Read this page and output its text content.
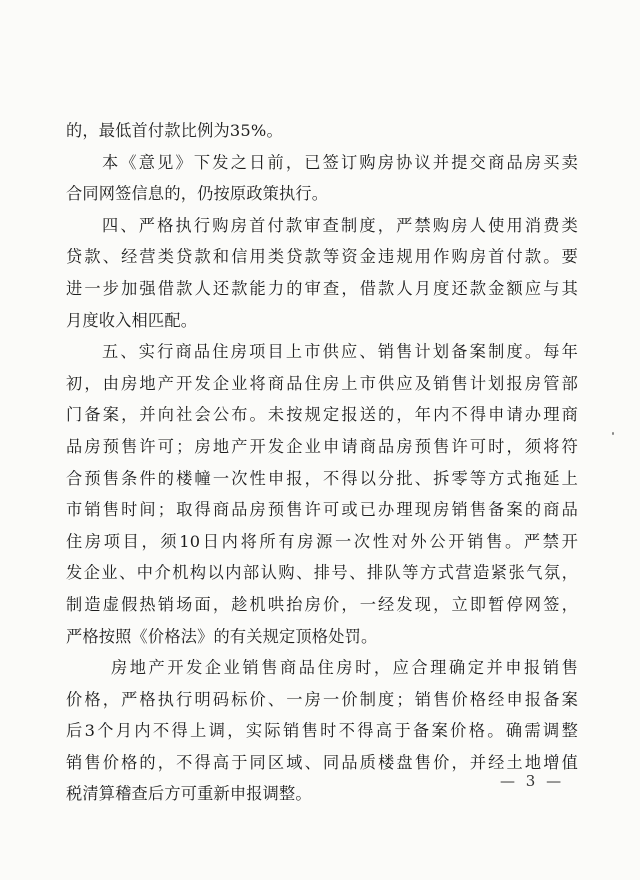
的，最低首付款比例为35%。
本《意见》下发之日前，已签订购房协议并提交商品房买卖
合同网签信息的，仍按原政策执行。
四、严格执行购房首付款审查制度，严禁购房人使用消费类
贷款、经营类贷款和信用类贷款等资金违规用作购房首付款。要
进一步加强借款人还款能力的审查，借款人月度还款金额应与其
月度收入相匹配。
五、实行商品住房项目上市供应、销售计划备案制度。每年
初，由房地产开发企业将商品住房上市供应及销售计划报房管部
门备案，并向社会公布。未按规定报送的，年内不得申请办理商
品房预售许可；房地产开发企业申请商品房预售许可时，须将符
合预售条件的楼幢一次性申报，不得以分批、拆零等方式拖延上
市销售时间；取得商品房预售许可或已办理现房销售备案的商品
住房项目，须10日内将所有房源一次性对外公开销售。严禁开
发企业、中介机构以内部认购、排号、排队等方式营造紧张气氛，
制造虚假热销场面，趁机哄抬房价，一经发现，立即暂停网签，
严格按照《价格法》的有关规定顶格处罚。
房地产开发企业销售商品住房时，应合理确定并申报销售
价格，严格执行明码标价、一房一价制度；销售价格经申报备案
后3个月内不得上调，实际销售时不得高于备案价格。确需调整
销售价格的，不得高于同区域、同品质楼盘售价，并经土地增值
税清算稽查后方可重新申报调整。
— 3 —
